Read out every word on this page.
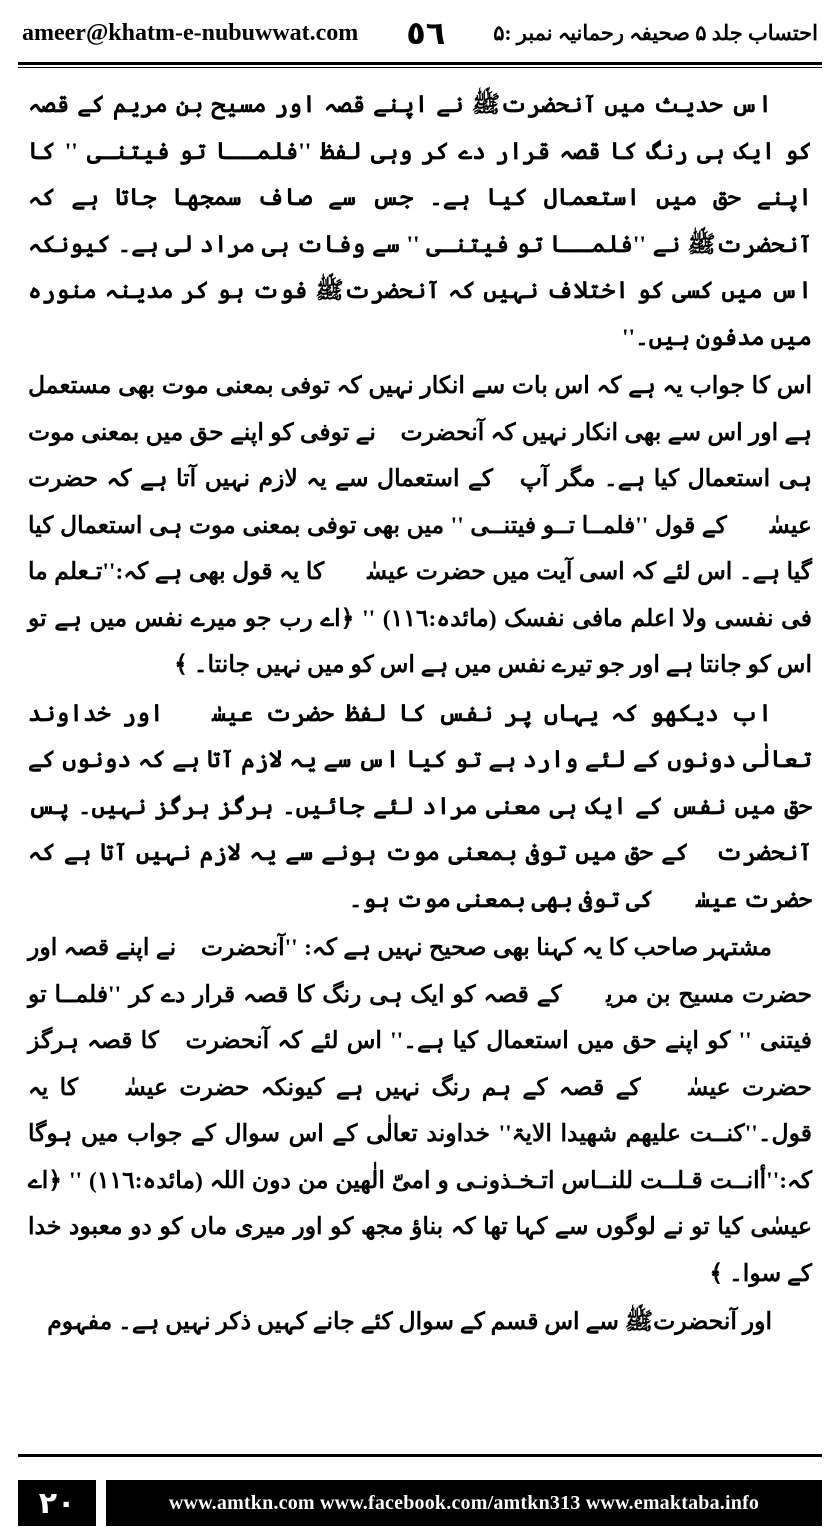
احتساب جلد ۵ صحیفہ رحمانیہ نمبر :۵
٥٦
ameer@khatm-e-nubuwwat.com

اس حدیث میں آنحضرتﷺ نے اپنے قصہ اور مسیح بن مریم کے قصہ کو ایک ہی رنگ کا قصہ قرار دے کر وہی لفظ ''فلمــا تو فیتنـی '' کا اپنے حق میں استعمال کیا ہے۔ جس سے صاف سمجھا جاتا ہے کہ آنحضرتﷺ نے ''فلمــا تو فیتنـی '' سے وفات ہی مراد لی ہے۔ کیونکہ اس میں کسی کو اختلاف نہیں کہ آنحضرتﷺ فوت ہو کر مدینہ منورہ میں مدفون ہیں۔''

اس کا جواب یہ ہے کہ اس بات سے انکار نہیں کہ توفی بمعنی موت بھی مستعمل ہے اور اس سے بھی انکار نہیں کہ آنحضرتﷺ نے توفی کو اپنے حق میں بمعنی موت ہی استعمال کیا ہے۔ مگر آپﷺ کے استعمال سے یہ لازم نہیں آتا ہے کہ حضرت عیسٰیؑ کے قول ''فلمــا تــو فیتنــی '' میں بھی توفی بمعنی موت ہی استعمال کیا گیا ہے۔ اس لئے کہ اسی آیت میں حضرت عیسٰیؑ کا یہ قول بھی ہے کہ:''تـعلم ما فی نفسی ولا اعلم مافی نفسک (مائدہ:١١٦) '' ﴿اے رب جو میرے نفس میں ہے تو اس کو جانتا ہے اور جو تیرے نفس میں ہے اس کو میں نہیں جانتا۔ ﴾

اب دیکھو کہ یہاں پر نفس کا لفظ حضرت عیسٰیؑ اور خداوند تعالٰی دونوں کے لئے وارد ہے تو کیا اس سے یہ لازم آتا ہے کہ دونوں کے حق میں نفس کے ایک ہی معنی مراد لئے جائیں۔ ہرگز ہرگز نہیں۔ پس آنحضرتﷺ کے حق میں توفی بمعنی موت ہونے سے یہ لازم نہیں آتا ہے کہ حضرت عیسٰیؑ کی توفی بھی بمعنی موت ہو۔

مشتہر صاحب کا یہ کہنا بھی صحیح نہیں ہے کہ: ''آنحضرتﷺ نے اپنے قصہ اور حضرت مسیح بن مریمؑ کے قصہ کو ایک ہی رنگ کا قصہ قرار دے کر ''فلمــا تو فیتنی '' کو اپنے حق میں استعمال کیا ہے۔'' اس لئے کہ آنحضرتﷺ کا قصہ ہرگز حضرت عیسٰیؑ کے قصہ کے ہم رنگ نہیں ہے کیونکہ حضرت عیسٰیؑ کا یہ قول۔''کنــت علیھم شھیدا الایۃ'' خداوند تعالٰی کے اس سوال کے جواب میں ہوگا کہ:''أانــت قـلــت للنــاس اتـخـذونـی و امیّ الٰھین من دون اللہ (مائدہ:١١٦) '' ﴿اے عیسٰی کیا تو نے لوگوں سے کہا تھا کہ بناؤ مجھ کو اور میری ماں کو دو معبود خدا کے سوا۔ ﴾

اور آنحضرتﷺ سے اس قسم کے سوال کئے جانے کہیں ذکر نہیں ہے۔ مفہوم

۲۰	www.amtkn.com www.facebook.com/amtkn313 www.emaktaba.info
